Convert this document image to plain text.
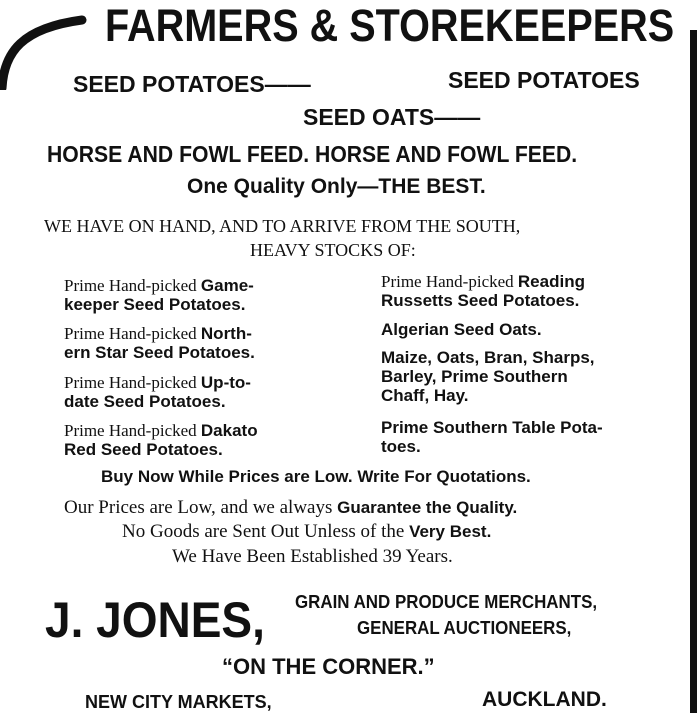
FARMERS & STOREKEEPERS
SEED POTATOES——	SEED POTATOES
SEED OATS——
HORSE AND FOWL FEED. HORSE AND FOWL FEED.
One Quality Only—THE BEST.
WE HAVE ON HAND, AND TO ARRIVE FROM THE SOUTH,
HEAVY STOCKS OF:
Prime Hand-picked Game-
keeper Seed Potatoes.
Prime Hand-picked North-
ern Star Seed Potatoes.
Prime Hand-picked Up-to-
date Seed Potatoes.
Prime Hand-picked Dakato
Red Seed Potatoes.
Prime Hand-picked Reading
Russetts Seed Potatoes.
Algerian Seed Oats.
Maize, Oats, Bran, Sharps,
Barley, Prime Southern
Chaff, Hay.
Prime Southern Table Pota-
toes.
Buy Now While Prices are Low. Write For Quotations.
Our Prices are Low, and we always Guarantee the Quality.
No Goods are Sent Out Unless of the Very Best.
We Have Been Established 39 Years.
J. JONES, GRAIN AND PRODUCE MERCHANTS,
GENERAL AUCTIONEERS,
“ON THE CORNER.”
NEW CITY MARKETS,	AUCKLAND.
